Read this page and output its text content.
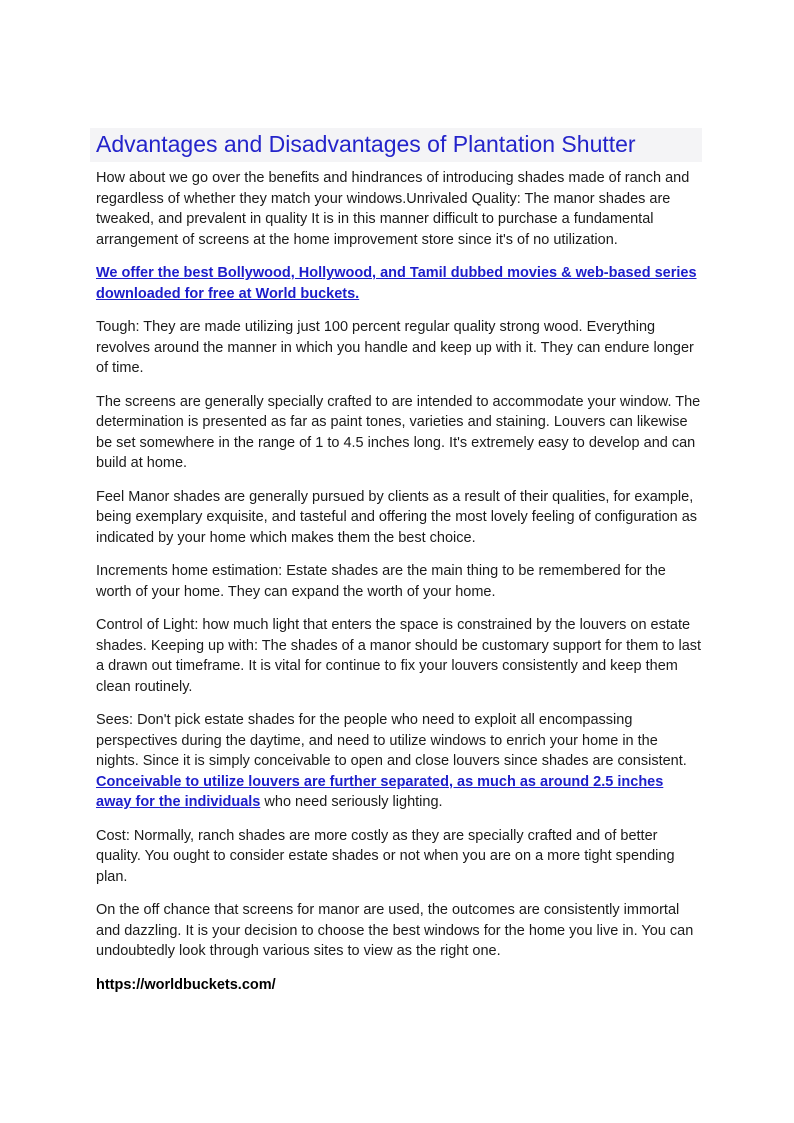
Advantages and Disadvantages of Plantation Shutter

How about we go over the benefits and hindrances of introducing shades made of ranch and regardless of whether they match your windows.Unrivaled Quality: The manor shades are tweaked, and prevalent in quality It is in this manner difficult to purchase a fundamental arrangement of screens at the home improvement store since it's of no utilization.

We offer the best Bollywood, Hollywood, and Tamil dubbed movies & web-based series downloaded for free at World buckets.

Tough: They are made utilizing just 100 percent regular quality strong wood. Everything revolves around the manner in which you handle and keep up with it. They can endure longer of time.

The screens are generally specially crafted to are intended to accommodate your window. The determination is presented as far as paint tones, varieties and staining. Louvers can likewise be set somewhere in the range of 1 to 4.5 inches long. It's extremely easy to develop and can build at home.

Feel Manor shades are generally pursued by clients as a result of their qualities, for example, being exemplary exquisite, and tasteful and offering the most lovely feeling of configuration as indicated by your home which makes them the best choice.

Increments home estimation: Estate shades are the main thing to be remembered for the worth of your home. They can expand the worth of your home.

Control of Light: how much light that enters the space is constrained by the louvers on estate shades. Keeping up with: The shades of a manor should be customary support for them to last a drawn out timeframe. It is vital for continue to fix your louvers consistently and keep them clean routinely.

Sees: Don't pick estate shades for the people who need to exploit all encompassing perspectives during the daytime, and need to utilize windows to enrich your home in the nights. Since it is simply conceivable to open and close louvers since shades are consistent. Conceivable to utilize louvers are further separated, as much as around 2.5 inches away for the individuals who need seriously lighting.

Cost: Normally, ranch shades are more costly as they are specially crafted and of better quality. You ought to consider estate shades or not when you are on a more tight spending plan.

On the off chance that screens for manor are used, the outcomes are consistently immortal and dazzling. It is your decision to choose the best windows for the home you live in. You can undoubtedly look through various sites to view as the right one.

https://worldbuckets.com/
